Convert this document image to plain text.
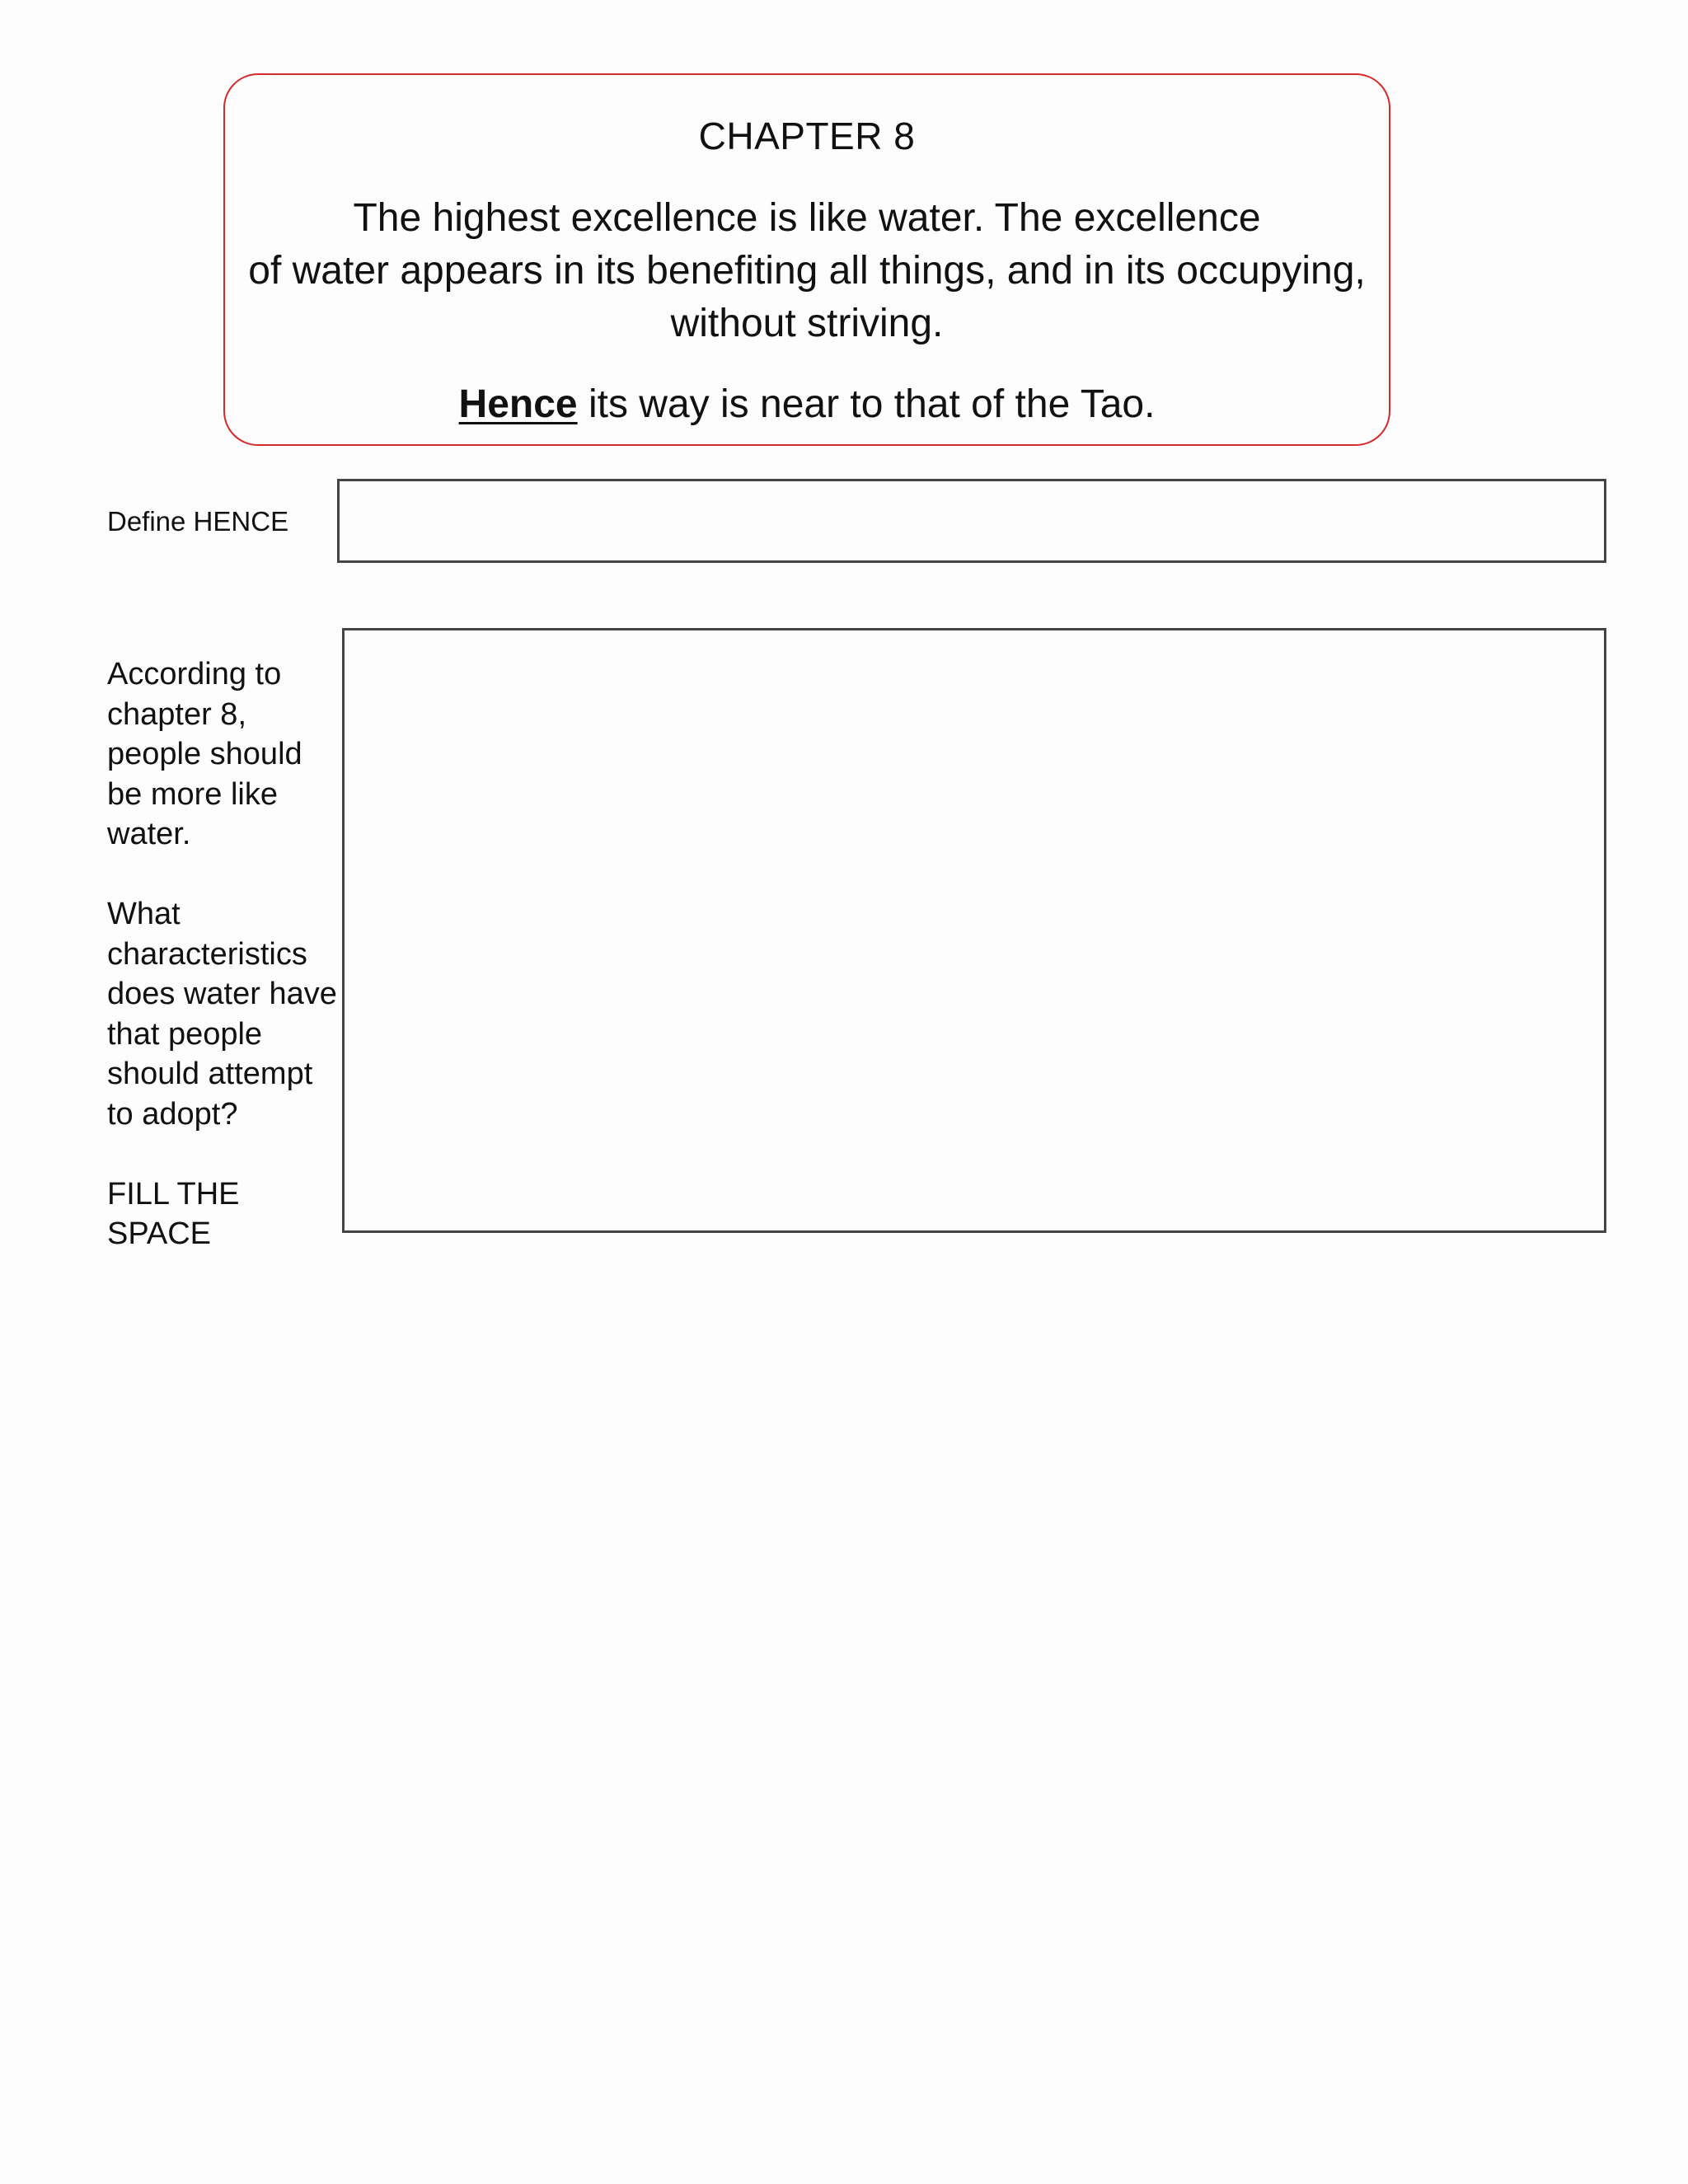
CHAPTER 8
The highest excellence is like water. The excellence
of water appears in its benefiting all things, and in its occupying,
without striving.
Hence its way is near to that of the Tao.
Define HENCE
According to
chapter 8,
people should
be more like
water.
What
characteristics
does water have
that people
should attempt
to adopt?
FILL THE SPACE
